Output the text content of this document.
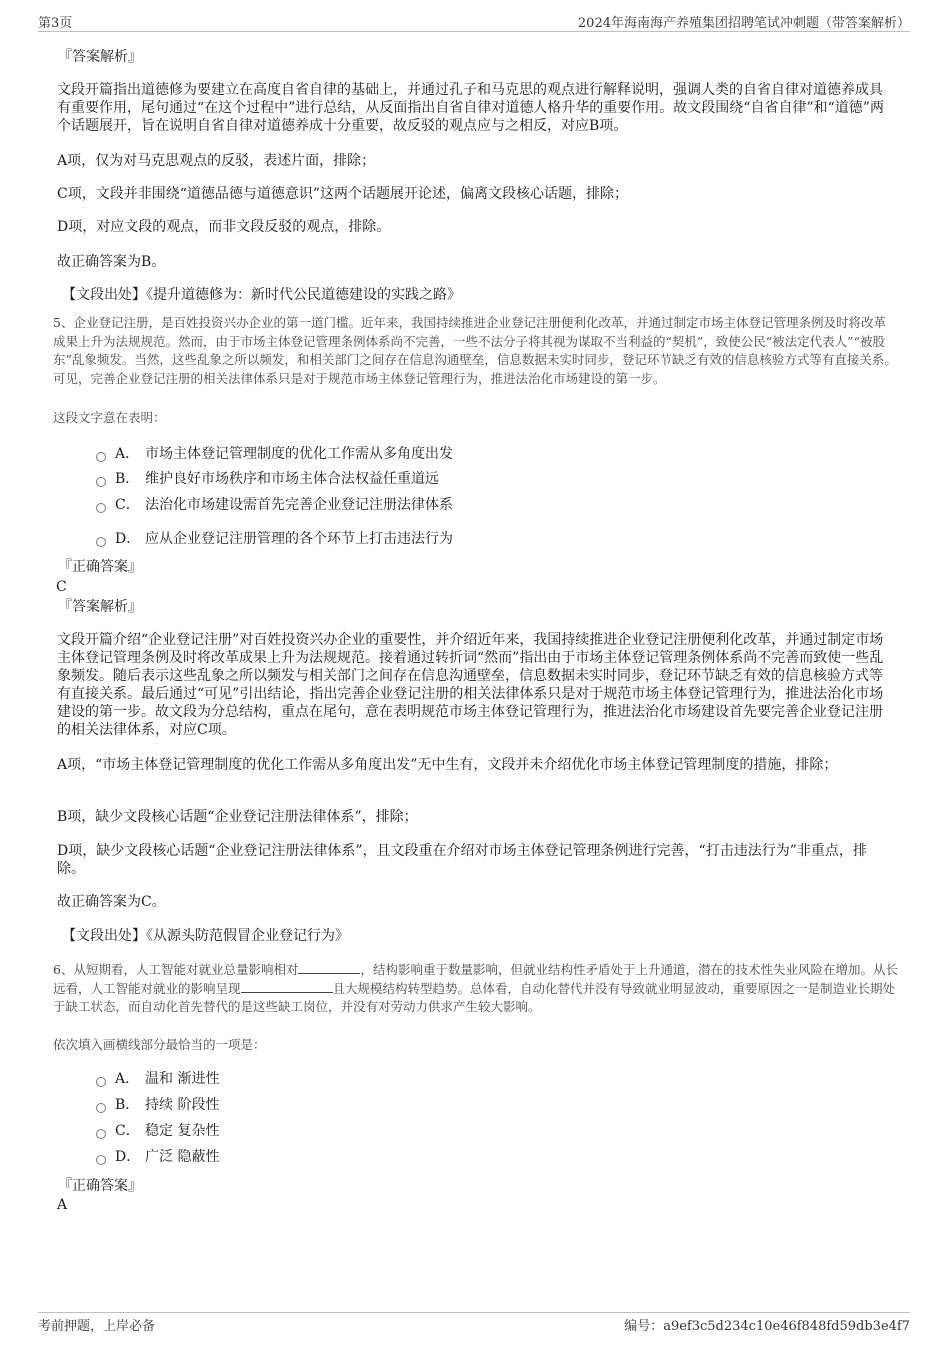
第3页	2024年海南海产养殖集团招聘笔试冲刺题（带答案解析）
『答案解析』
文段开篇指出道德修为要建立在高度自省自律的基础上，并通过孔子和马克思的观点进行解释说明，强调人类的自省自律对道德养成具有重要作用，尾句通过“在这个过程中”进行总结，从反面指出自省自律对道德人格升华的重要作用。故文段围绕“自省自律”和“道德”两个话题展开，旨在说明自省自律对道德养成十分重要，故反驳的观点应与之相反，对应B项。
A项，仅为对马克思观点的反驳，表述片面，排除；
C项，文段并非围绕“道德品德与道德意识”这两个话题展开论述，偏离文段核心话题，排除；
D项，对应文段的观点，而非文段反驳的观点，排除。
故正确答案为B。
【文段出处】《提升道德修为：新时代公民道德建设的实践之路》
5、企业登记注册，是百姓投资兴办企业的第一道门槛。近年来，我国持续推进企业登记注册便利化改革，并通过制定市场主体登记管理条例及时将改革成果上升为法规规范。然而，由于市场主体登记管理条例体系尚不完善，一些不法分子将其视为谋取不当利益的“契机”，致使公民“被法定代表人”“被股东”乱象频发。当然，这些乱象之所以频发，和相关部门之间存在信息沟通壁垒，信息数据未实时同步，登记环节缺乏有效的信息核验方式等有直接关系。可见，完善企业登记注册的相关法律体系只是对于规范市场主体登记管理行为，推进法治化市场建设的第一步。
这段文字意在表明：
A． 市场主体登记管理制度的优化工作需从多角度出发
B． 维护良好市场秩序和市场主体合法权益任重道远
C． 法治化市场建设需首先完善企业登记注册法律体系
D． 应从企业登记注册管理的各个环节上打击违法行为
『正确答案』
C
『答案解析』
文段开篇介绍“企业登记注册”对百姓投资兴办企业的重要性，并介绍近年来，我国持续推进企业登记注册便利化改革，并通过制定市场主体登记管理条例及时将改革成果上升为法规规范。接着通过转折词“然而”指出由于市场主体登记管理条例体系尚不完善而致使一些乱象频发。随后表示这些乱象之所以频发与相关部门之间存在信息沟通壁垒，信息数据未实时同步，登记环节缺乏有效的信息核验方式等有直接关系。最后通过“可见”引出结论，指出完善企业登记注册的相关法律体系只是对于规范市场主体登记管理行为，推进法治化市场建设的第一步。故文段为分总结构，重点在尾句，意在表明规范市场主体登记管理行为，推进法治化市场建设首先要完善企业登记注册的相关法律体系，对应C项。
A项，“市场主体登记管理制度的优化工作需从多角度出发”无中生有，文段并未介绍优化市场主体登记管理制度的措施，排除；
B项，缺少文段核心话题“企业登记注册法律体系”，排除；
D项，缺少文段核心话题“企业登记注册法律体系”，且文段重在介绍对市场主体登记管理条例进行完善，“打击违法行为”非重点，排除。
故正确答案为C。
【文段出处】《从源头防范假冒企业登记行为》
6、从短期看，人工智能对就业总量影响相对	，结构影响重于数量影响，但就业结构性矛盾处于上升通道，潜在的技术性失业风险在增加。从长远看，人工智能对就业的影响呈现	且大规模结构转型趋势。总体看，自动化替代并没有导致就业明显波动，重要原因之一是制造业长期处于缺工状态，而自动化首先替代的是这些缺工岗位，并没有对劳动力供求产生较大影响。
依次填入画横线部分最恰当的一项是：
A． 温和 渐进性
B． 持续 阶段性
C． 稳定 复杂性
D． 广泛 隐蔽性
『正确答案』
A
考前押题，上岸必备	编号：a9ef3c5d234c10e46f848fd59db3e4f7
